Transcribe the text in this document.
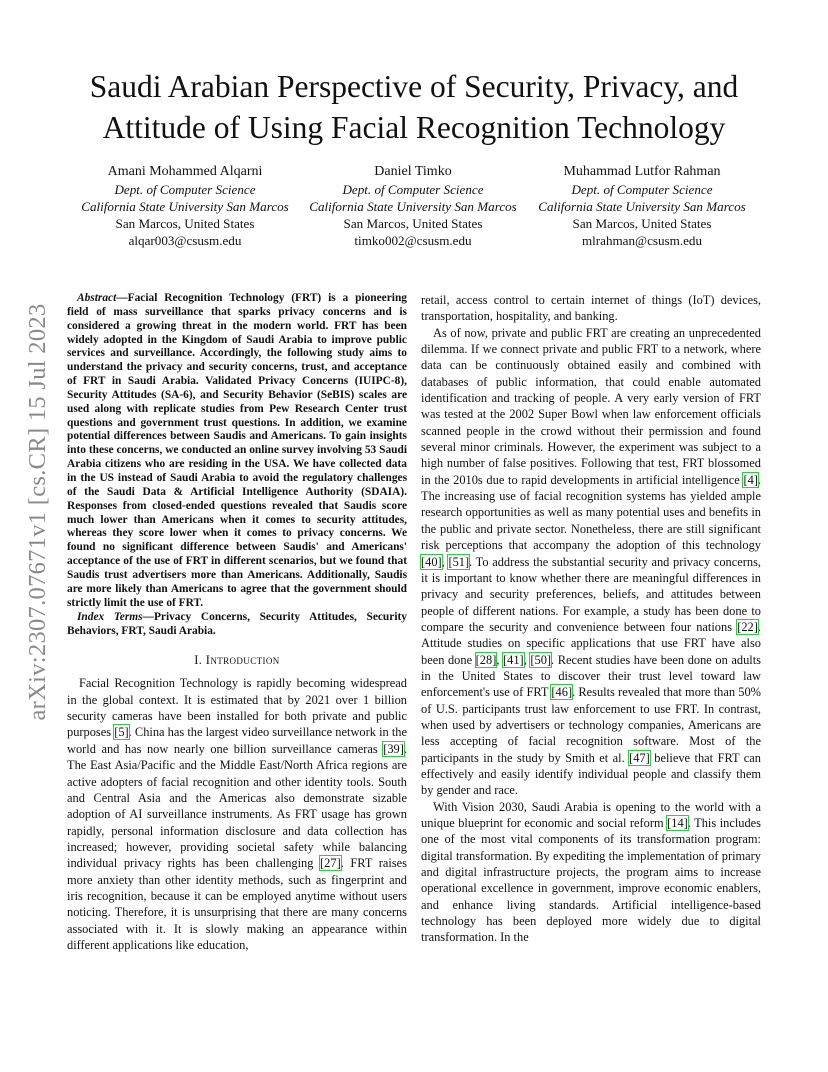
Saudi Arabian Perspective of Security, Privacy, and Attitude of Using Facial Recognition Technology
arXiv:2307.07671v1 [cs.CR] 15 Jul 2023
Amani Mohammed Alqarni
Dept. of Computer Science
California State University San Marcos
San Marcos, United States
alqar003@csusm.edu
Daniel Timko
Dept. of Computer Science
California State University San Marcos
San Marcos, United States
timko002@csusm.edu
Muhammad Lutfor Rahman
Dept. of Computer Science
California State University San Marcos
San Marcos, United States
mlrahman@csusm.edu

Abstract—Facial Recognition Technology (FRT) is a pioneering field of mass surveillance that sparks privacy concerns and is considered a growing threat in the modern world. FRT has been widely adopted in the Kingdom of Saudi Arabia to improve public services and surveillance. Accordingly, the following study aims to understand the privacy and security concerns, trust, and acceptance of FRT in Saudi Arabia. Validated Privacy Concerns (IUIPC-8), Security Attitudes (SA-6), and Security Behavior (SeBIS) scales are used along with replicate studies from Pew Research Center trust questions and government trust questions. In addition, we examine potential differences between Saudis and Americans. To gain insights into these concerns, we conducted an online survey involving 53 Saudi Arabia citizens who are residing in the USA. We have collected data in the US instead of Saudi Arabia to avoid the regulatory challenges of the Saudi Data & Artificial Intelligence Authority (SDAIA). Responses from closed-ended questions revealed that Saudis score much lower than Americans when it comes to security attitudes, whereas they score lower when it comes to privacy concerns. We found no significant difference between Saudis' and Americans' acceptance of the use of FRT in different scenarios, but we found that Saudis trust advertisers more than Americans. Additionally, Saudis are more likely than Americans to agree that the government should strictly limit the use of FRT.

Index Terms—Privacy Concerns, Security Attitudes, Security Behaviors, FRT, Saudi Arabia.

I. Introduction

Facial Recognition Technology is rapidly becoming widespread in the global context. It is estimated that by 2021 over 1 billion security cameras have been installed for both private and public purposes [5]. China has the largest video surveillance network in the world and has now nearly one billion surveillance cameras [39]. The East Asia/Pacific and the Middle East/North Africa regions are active adopters of facial recognition and other identity tools. South and Central Asia and the Americas also demonstrate sizable adoption of AI surveillance instruments. As FRT usage has grown rapidly, personal information disclosure and data collection has increased; however, providing societal safety while balancing individual privacy rights has been challenging [27]. FRT raises more anxiety than other identity methods, such as fingerprint and iris recognition, because it can be employed anytime without users noticing. Therefore, it is unsurprising that there are many concerns associated with it. It is slowly making an appearance within different applications like education,

retail, access control to certain internet of things (IoT) devices, transportation, hospitality, and banking.

As of now, private and public FRT are creating an unprecedented dilemma. If we connect private and public FRT to a network, where data can be continuously obtained easily and combined with databases of public information, that could enable automated identification and tracking of people. A very early version of FRT was tested at the 2002 Super Bowl when law enforcement officials scanned people in the crowd without their permission and found several minor criminals. However, the experiment was subject to a high number of false positives. Following that test, FRT blossomed in the 2010s due to rapid developments in artificial intelligence [4]. The increasing use of facial recognition systems has yielded ample research opportunities as well as many potential uses and benefits in the public and private sector. Nonetheless, there are still significant risk perceptions that accompany the adoption of this technology [40], [51]. To address the substantial security and privacy concerns, it is important to know whether there are meaningful differences in privacy and security preferences, beliefs, and attitudes between people of different nations. For example, a study has been done to compare the security and convenience between four nations [22]. Attitude studies on specific applications that use FRT have also been done [28], [41], [50]. Recent studies have been done on adults in the United States to discover their trust level toward law enforcement's use of FRT [46]. Results revealed that more than 50% of U.S. participants trust law enforcement to use FRT. In contrast, when used by advertisers or technology companies, Americans are less accepting of facial recognition software. Most of the participants in the study by Smith et al. [47] believe that FRT can effectively and easily identify individual people and classify them by gender and race.

With Vision 2030, Saudi Arabia is opening to the world with a unique blueprint for economic and social reform [14]. This includes one of the most vital components of its transformation program: digital transformation. By expediting the implementation of primary and digital infrastructure projects, the program aims to increase operational excellence in government, improve economic enablers, and enhance living standards. Artificial intelligence-based technology has been deployed more widely due to digital transformation. In the
